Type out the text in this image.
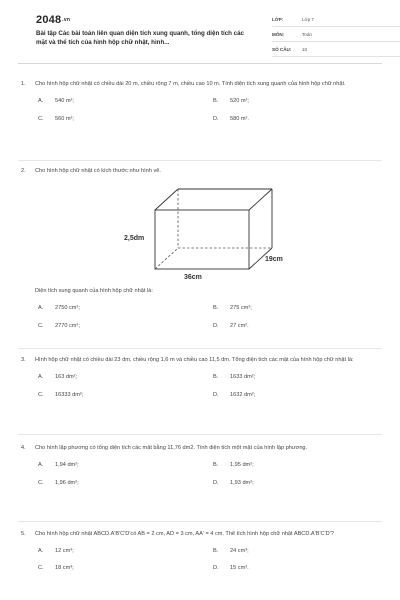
2048.vn
Bài tập Các bài toán liên quan diện tích xung quanh, tổng diện tích các mặt và thể tích của hình hộp chữ nhật, hình...
LỚP:	Lớp 7
MÔN:	Toán
SỐ CÂU: 10
1. Cho hình hộp chữ nhật có chiều dài 20 m, chiều rộng 7 m, chiều cao 10 m. Tính diện tích xung quanh của hình hộp chữ nhật.
A. 540 m²;	B. 520 m²;
C. 560 m²;	D. 580 m².
2. Cho hình hộp chữ nhật có kích thước như hình vẽ.
2,5dm
19cm
36cm
Diện tích xung quanh của hình hộp chữ nhật là:
A. 2750 cm²;	B. 275 cm²;
C. 2770 cm²;	D. 27 cm².
3. Hình hộp chữ nhật có chiều dài 23 dm, chiều rộng 1,6 m và chiều cao 11,5 dm. Tổng diện tích các mặt của hình hộp chữ nhật là:
A. 163 dm²;	B. 1633 dm²;
C. 16333 dm²;	D. 1632 dm²;
4. Cho hình lập phương có tổng diện tích các mặt bằng 11,76 dm2. Tính diện tích một mặt của hình lập phương.
A. 1,94 dm²;	B. 1,95 dm²;
C. 1,96 dm²;	D. 1,93 dm²;
5. Cho hình hộp chữ nhật ABCD.A'B'C'D'có AB = 2 cm, AD = 3 cm, AA' = 4 cm. Thể tích hình hộp chữ nhật ABCD.A'B'C'D'?
A. 12 cm³;	B. 24 cm³;
C. 18 cm³;	D. 15 cm³.
